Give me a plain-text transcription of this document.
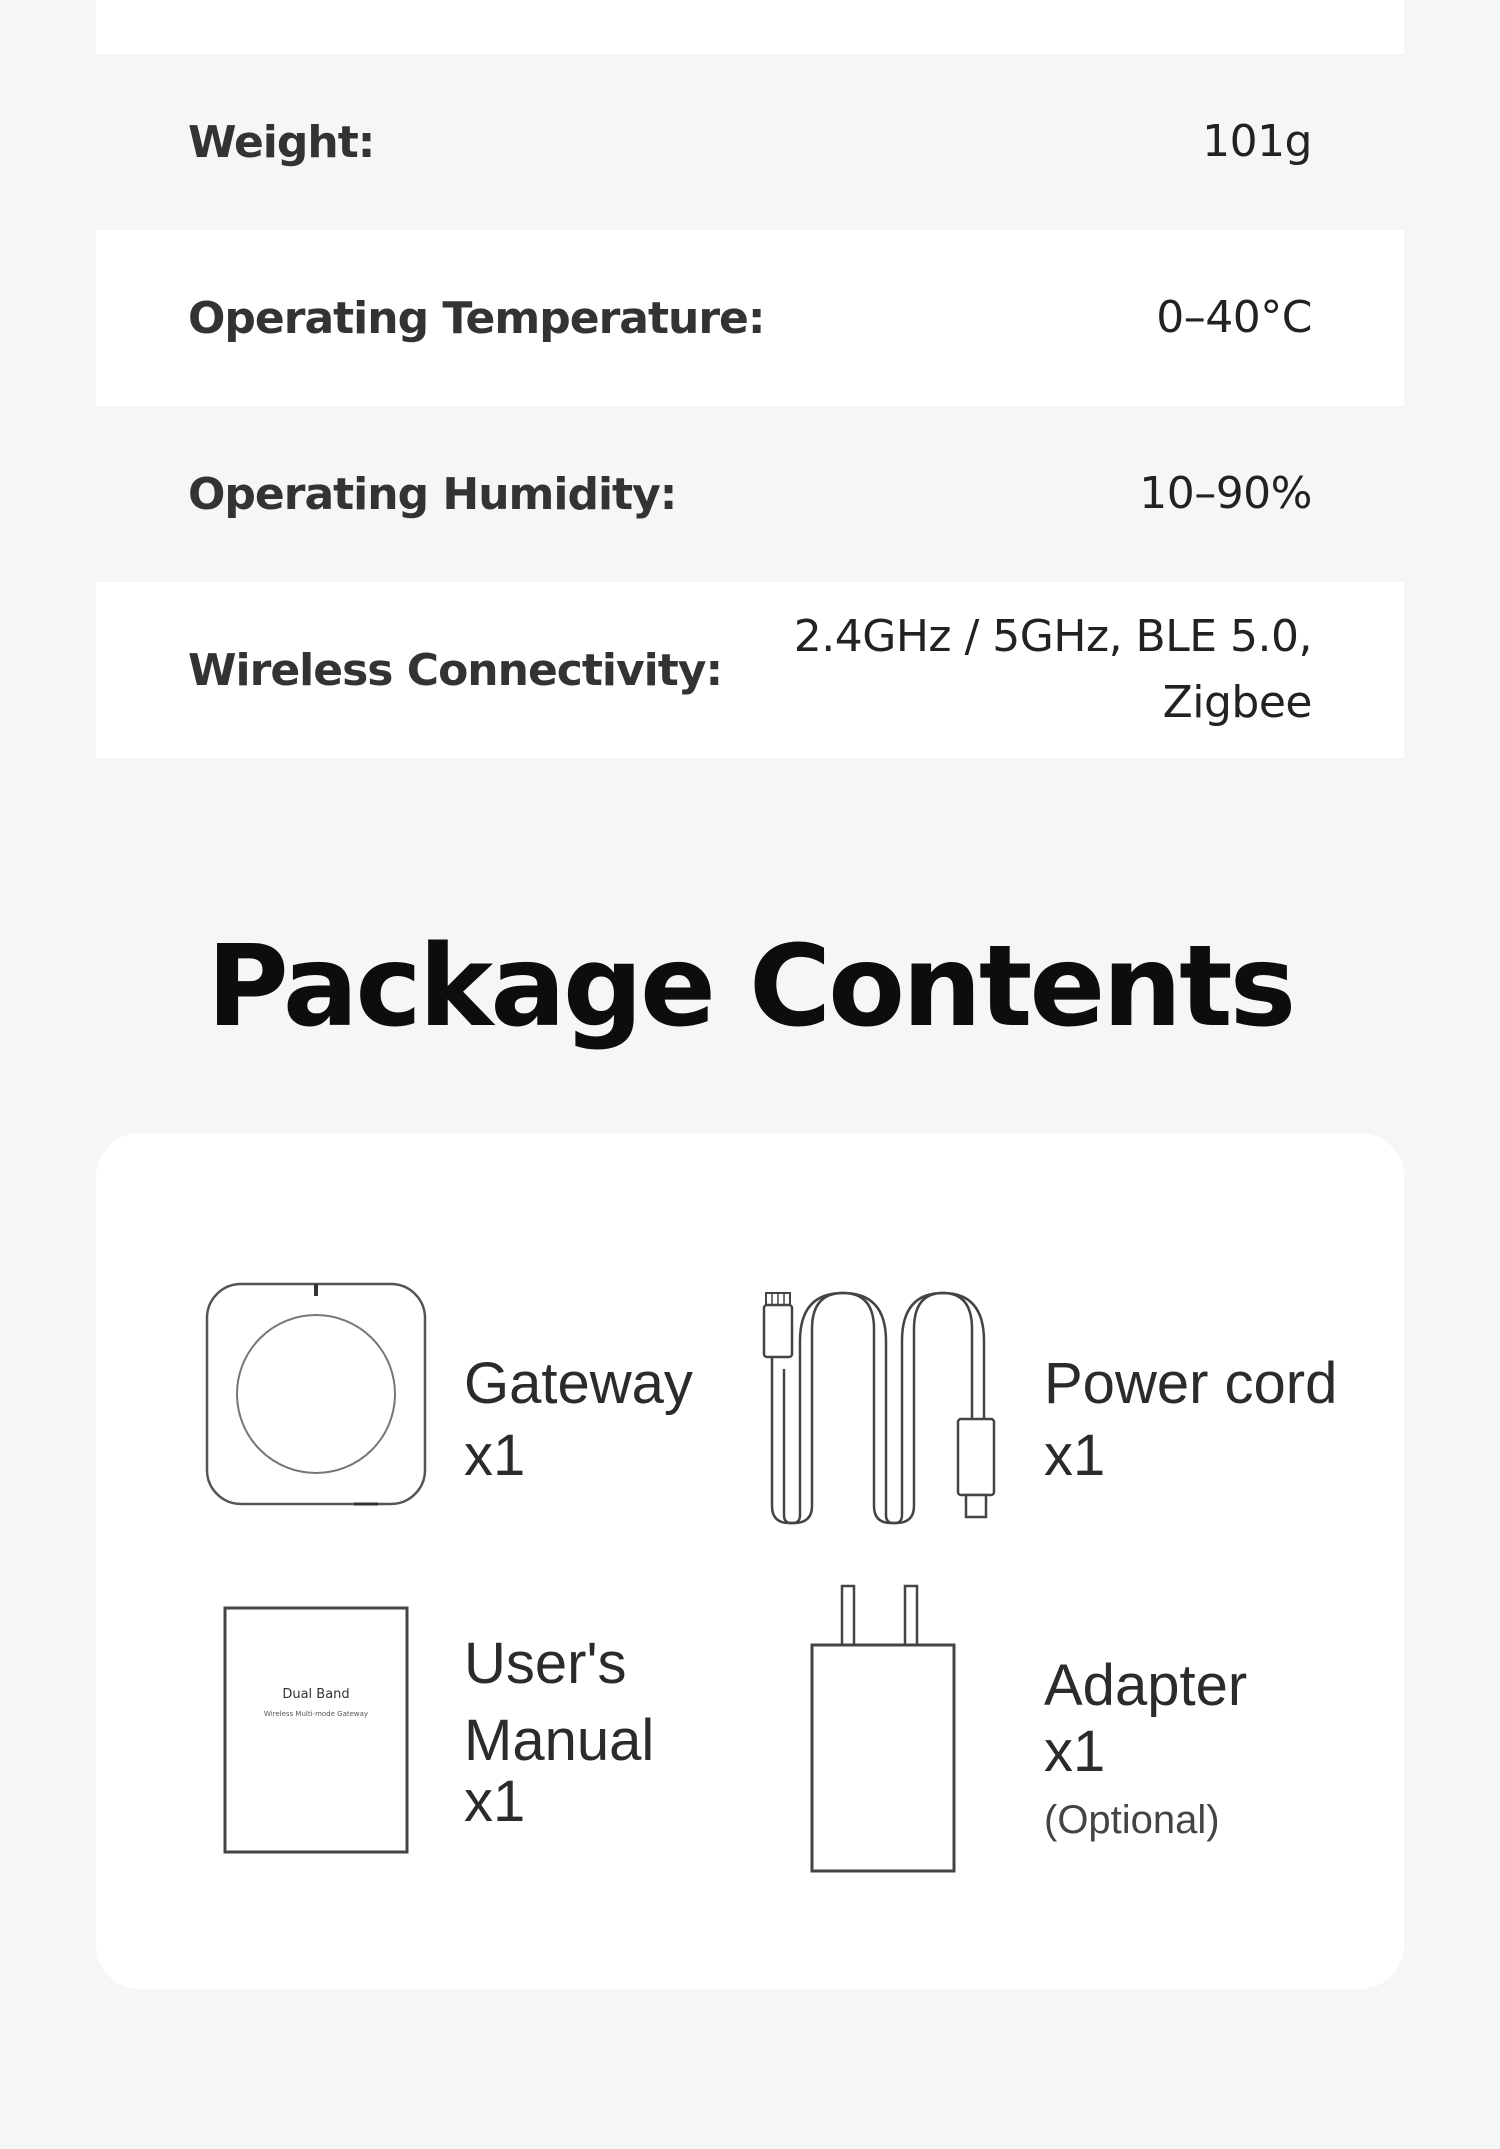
Weight:	101g
Operating Temperature:	0–40°C
Operating Humidity:	10–90%
Wireless Connectivity:
2.4GHz / 5GHz, BLE 5.0,
Zigbee
Package Contents
Gateway
x1
Power cord
x1
Dual Band
Wireless Multi-mode Gateway
User's
Manual
x1
Adapter
x1
(Optional)
